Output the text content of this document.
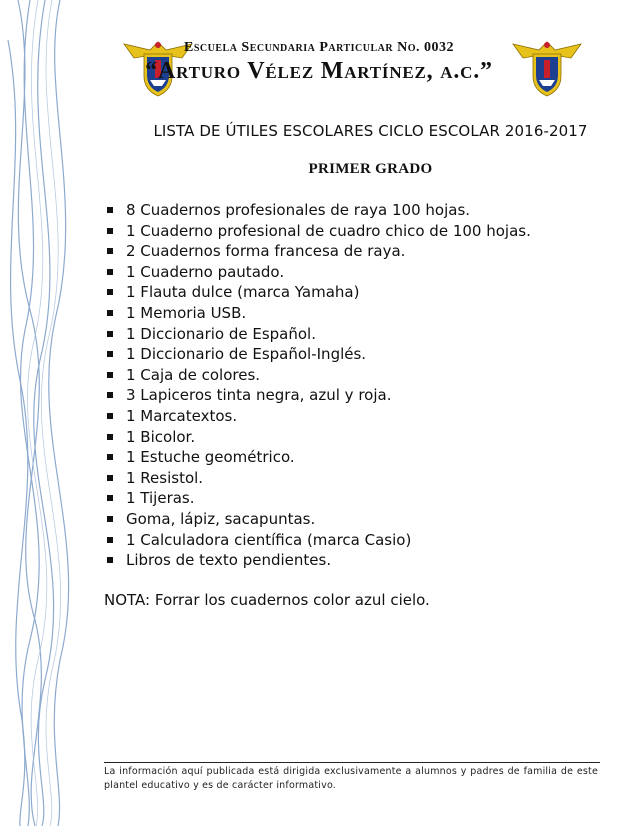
Escuela Secundaria Particular No. 0032
“Arturo Vélez Martínez, a.c.”
LISTA DE ÚTILES ESCOLARES CICLO ESCOLAR 2016-2017
PRIMER GRADO
8 Cuadernos profesionales de raya 100 hojas.
1 Cuaderno profesional de cuadro chico de 100 hojas.
2 Cuadernos forma francesa de raya.
1 Cuaderno pautado.
1 Flauta dulce (marca Yamaha)
1 Memoria USB.
1 Diccionario de Español.
1 Diccionario de Español-Inglés.
1 Caja de colores.
3 Lapiceros tinta negra, azul y roja.
1 Marcatextos.
1 Bicolor.
1 Estuche geométrico.
1 Resistol.
1 Tijeras.
Goma, lápiz, sacapuntas.
1 Calculadora científica (marca Casio)
Libros de texto pendientes.
NOTA: Forrar los cuadernos color azul cielo.
La información aquí publicada está dirigida exclusivamente a alumnos y padres de familia de este plantel educativo y es de carácter informativo.
